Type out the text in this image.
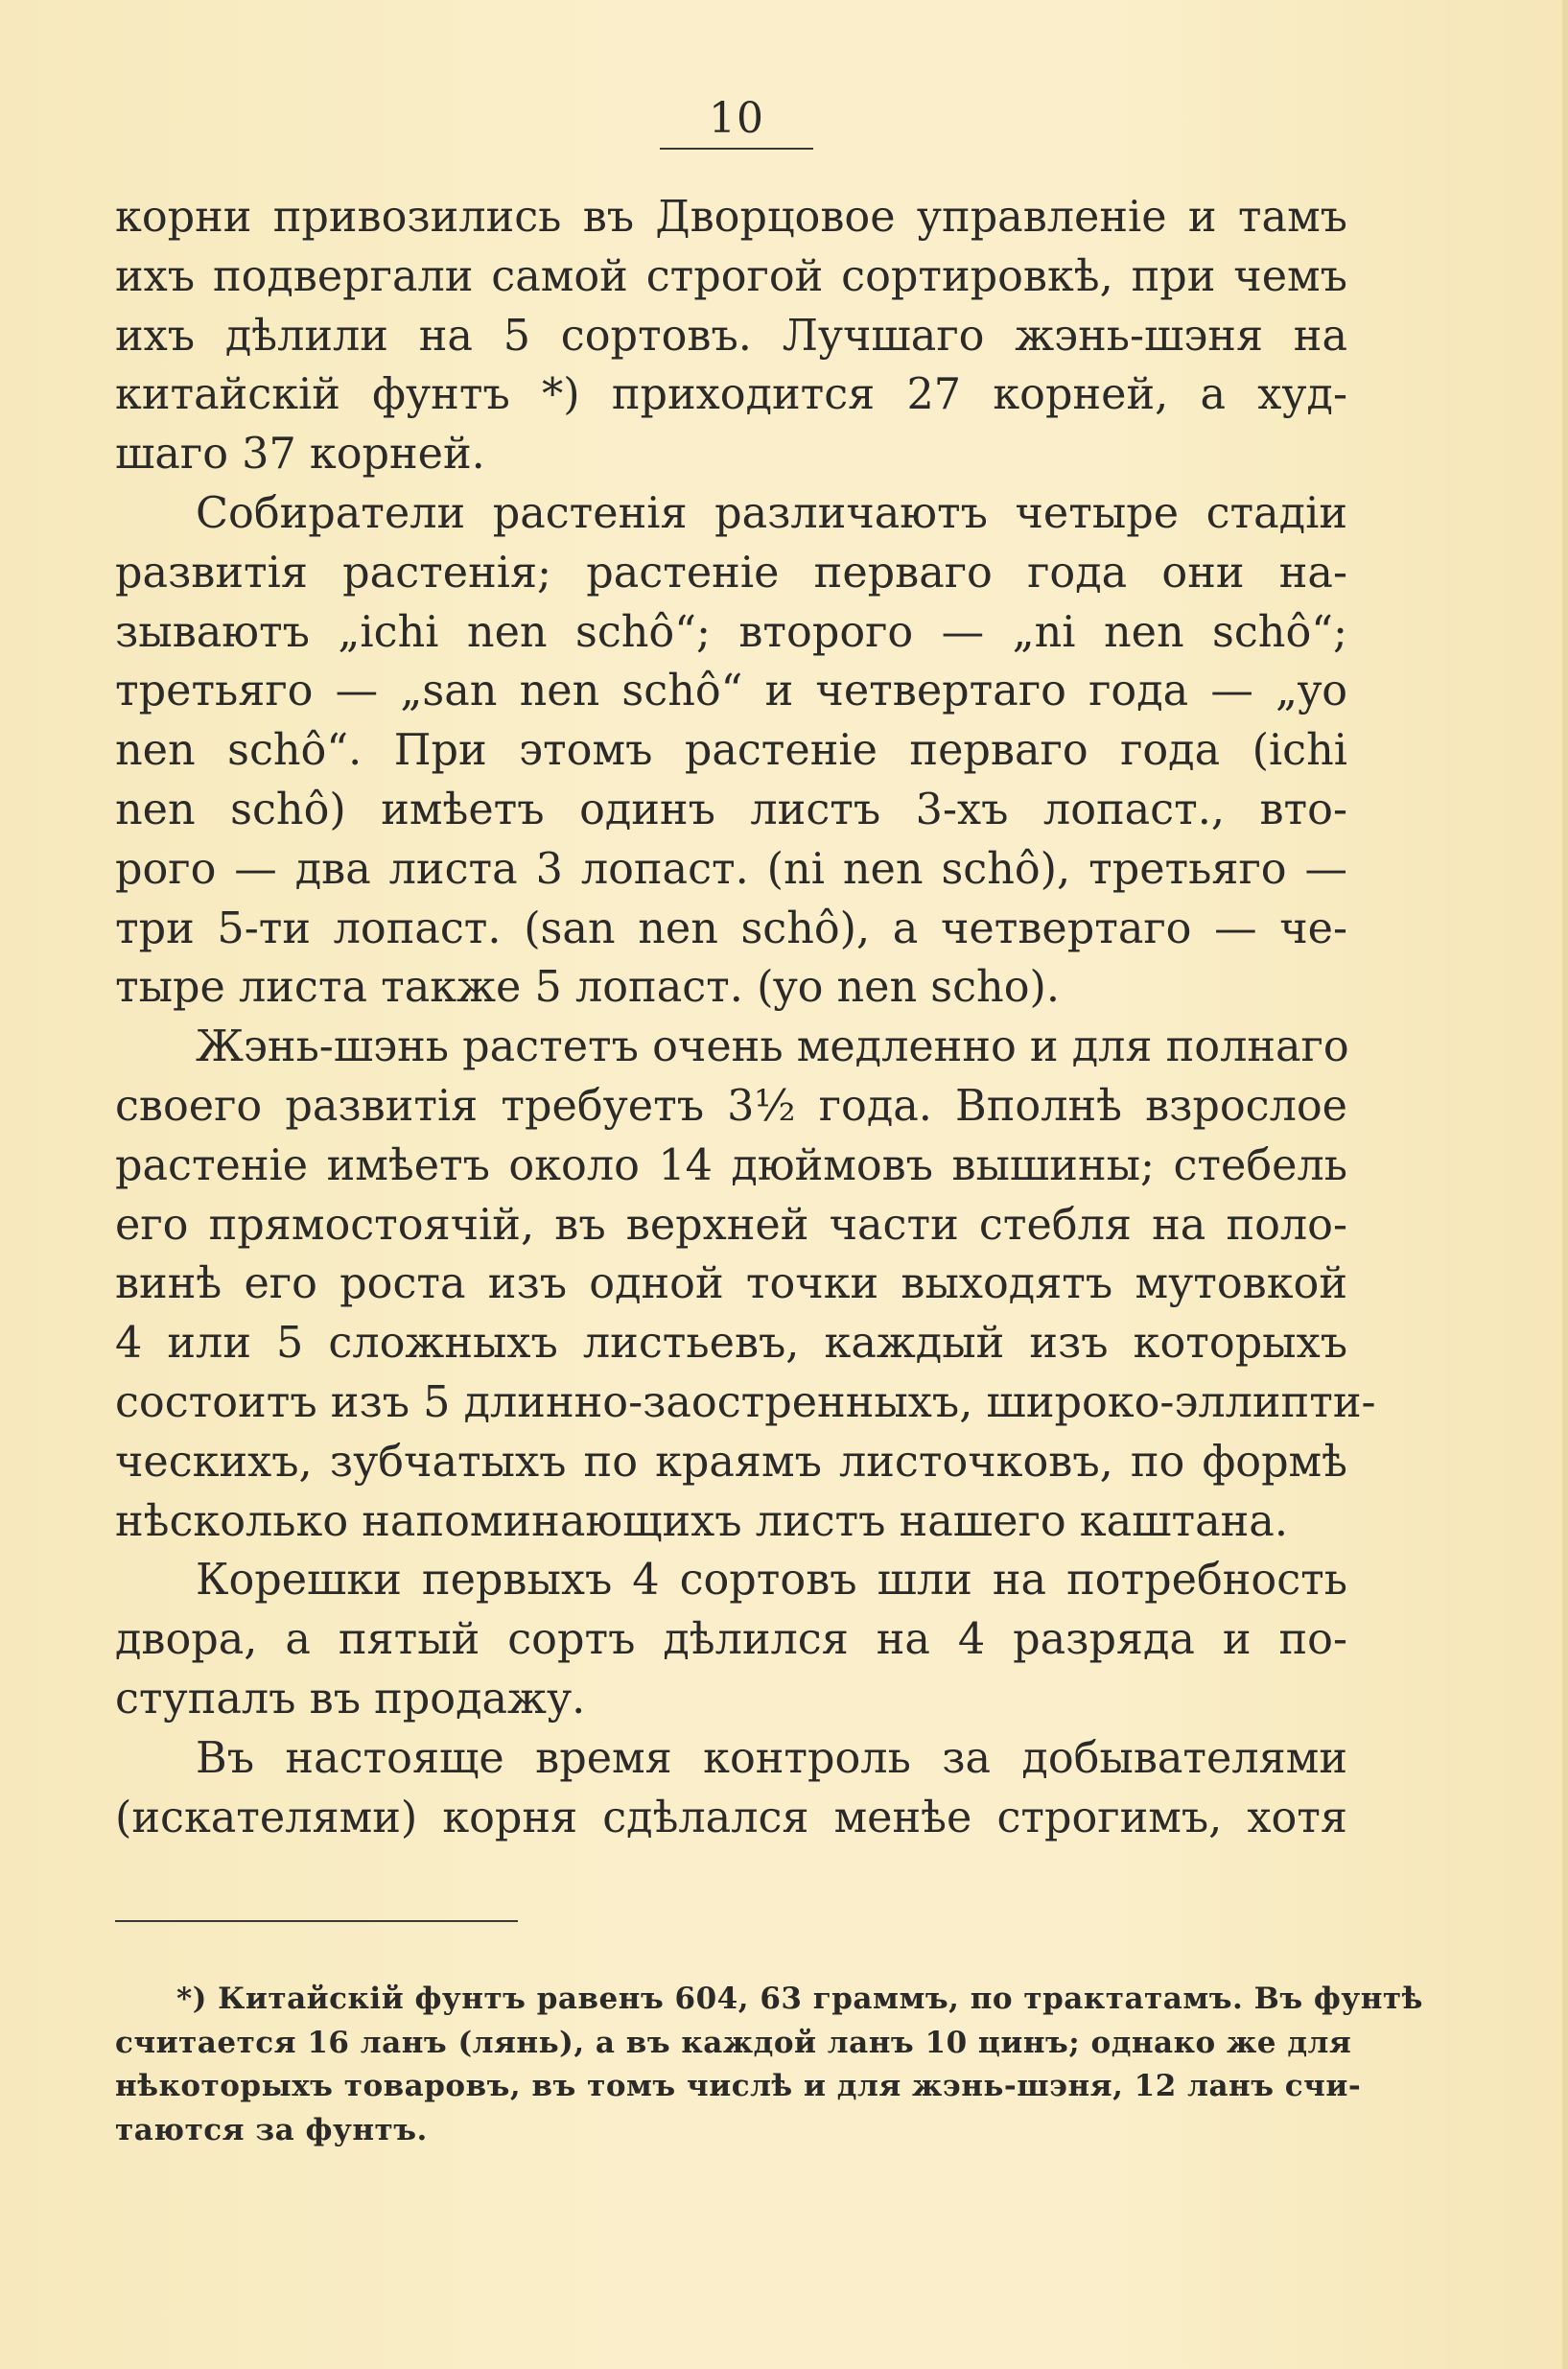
10
корни привозились въ Дворцовое управленіе и тамъ
ихъ подвергали самой строгой сортировкѣ, при чемъ
ихъ дѣлили на 5 сортовъ. Лучшаго жэнь-шэня на
китайскій фунтъ *) приходится 27 корней, а худ-
шаго 37 корней.
Собиратели растенія различаютъ четыре стадіи
развитія растенія; растеніе перваго года они на-
зываютъ „ichi nen schô“; второго — „ni nen schô“;
третьяго — „san nen schô“ и четвертаго года — „yo
nen schô“. При этомъ растеніе перваго года (ichi
nen schô) имѣетъ одинъ листъ 3-хъ лопаст., вто-
рого — два листа 3 лопаст. (ni nen schô), третьяго —
три 5-ти лопаст. (san nen schô), а четвертаго — че-
тыре листа также 5 лопаст. (yo nen scho).
Жэнь-шэнь растетъ очень медленно и для полнаго
своего развитія требуетъ 3½ года. Вполнѣ взрослое
растеніе имѣетъ около 14 дюймовъ вышины; стебель
его прямостоячій, въ верхней части стебля на поло-
винѣ его роста изъ одной точки выходятъ мутовкой
4 или 5 сложныхъ листьевъ, каждый изъ которыхъ
состоитъ изъ 5 длинно-заостренныхъ, широко-эллипти-
ческихъ, зубчатыхъ по краямъ листочковъ, по формѣ
нѣсколько напоминающихъ листъ нашего каштана.
Корешки первыхъ 4 сортовъ шли на потребность
двора, а пятый сортъ дѣлился на 4 разряда и по-
ступалъ въ продажу.
Въ настояще время контроль за добывателями
(искателями) корня сдѣлался менѣе строгимъ, хотя
*) Китайскій фунтъ равенъ 604, 63 граммъ, по трактатамъ. Въ фунтѣ
считается 16 ланъ (лянь), а въ каждой ланъ 10 цинъ; однако же для
нѣкоторыхъ товаровъ, въ томъ числѣ и для жэнь-шэня, 12 ланъ счи-
таются за фунтъ.
